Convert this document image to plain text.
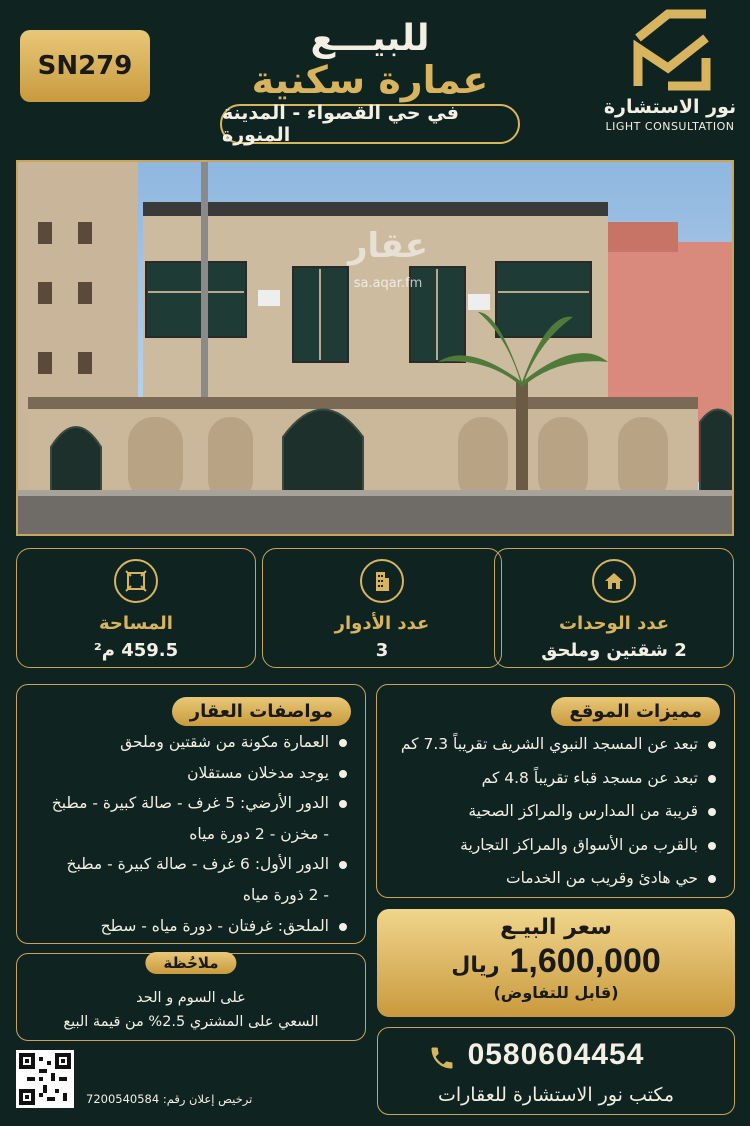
SN279
للبيـــع
عمارة سكنية
في حي القصواء - المدينة المنورة
نور الاستشارة
LIGHT CONSULTATION
عقار
sa.aqar.fm
المساحة
459.5 م²
عدد الأدوار
3
عدد الوحدات
2 شقتين وملحق
مواصفات العقار
العمارة مكونة من شقتين وملحق
يوجد مدخلان مستقلان
الدور الأرضي: 5 غرف - صالة كبيرة - مطبخ
- مخزن - 2 دورة مياه
الدور الأول: 6 غرف - صالة كبيرة - مطبخ
- 2 ذورة مياه
الملحق: غرفتان - دورة مياه - سطح
مميزات الموقع
تبعد عن المسجد النبوي الشريف تقريباً 7.3 كم
تبعد عن مسجد قباء تقريباً 4.8 كم
قريبة من المدارس والمراكز الصحية
بالقرب من الأسواق والمراكز التجارية
حي هادئ وقريب من الخدمات
سعر البيـع
1,600,000
ريال
(قابل للتفاوض)
ملاحُظة
على السوم و الحد
السعي على المشتري 2.5% من قيمة البيع
0580604454
مكتب نور الاستشارة للعقارات
ترخيص إعلان رقم: 7200540584
